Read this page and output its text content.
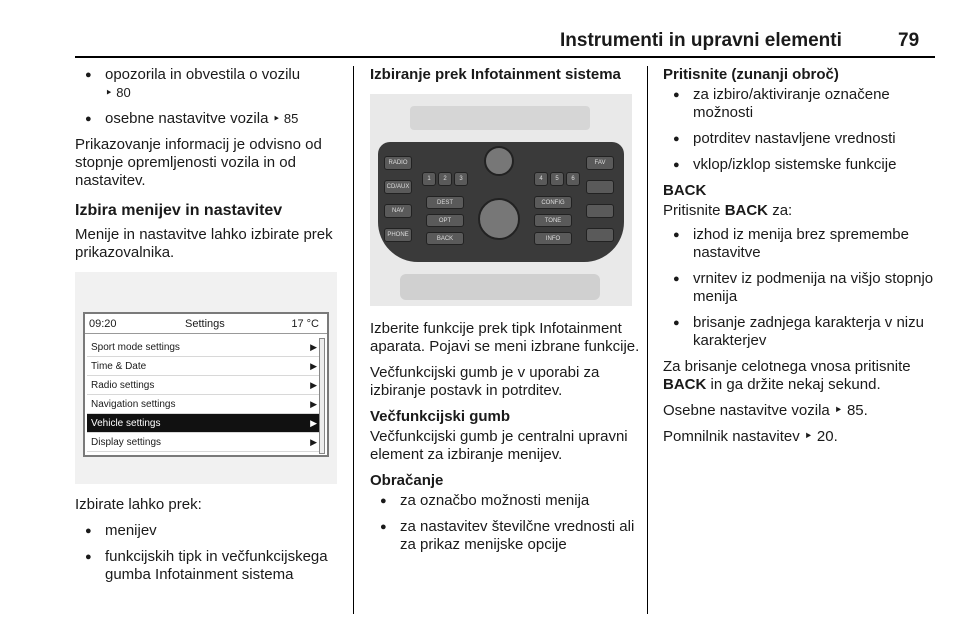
Instrumenti in upravni elementi	79
● opozorila in obvestila o vozilu
‣ 80
● osebne nastavitve vozila ‣ 85

Prikazovanje informacij je odvisno od stopnje opremljenosti vozila in od nastavitev.

Izbira menijev in nastavitev

Menije in nastavitve lahko izbirate prek prikazovalnika.

09:20	Settings	17 °C
Sport mode settings	▶
Time & Date	▶
Radio settings	▶
Navigation settings	▶
Vehicle settings	▶
Display settings	▶

Izbirate lahko prek:

● menijev
● funkcijskih tipk in večfunkcijskega gumba Infotainment sistema
Izbiranje prek Infotainment sistema
RADIO
CD/AUX
NAV
PHONE
1	2	3	4	5	6
DEST
OPT
BACK
CONFIG
TONE
INFO
FAV

Izberite funkcije prek tipk Infotainment aparata. Pojavi se meni izbrane funkcije.

Večfunkcijski gumb je v uporabi za izbiranje postavk in potrditev.

Večfunkcijski gumb

Večfunkcijski gumb je centralni upravni element za izbiranje menijev.

Obračanje
● za označbo možnosti menija
● za nastavitev številčne vrednosti ali za prikaz menijske opcije
Pritisnite (zunanji obroč)
● za izbiro/aktiviranje označene možnosti
● potrditev nastavljene vrednosti
● vklop/izklop sistemske funkcije
BACK

Pritisnite BACK za:

● izhod iz menija brez spremembe nastavitve
● vrnitev iz podmenija na višjo stopnjo menija
● brisanje zadnjega karakterja v nizu karakterjev

Za brisanje celotnega vnosa pritisnite BACK in ga držite nekaj sekund.

Osebne nastavitve vozila ‣ 85.

Pomnilnik nastavitev ‣ 20.
